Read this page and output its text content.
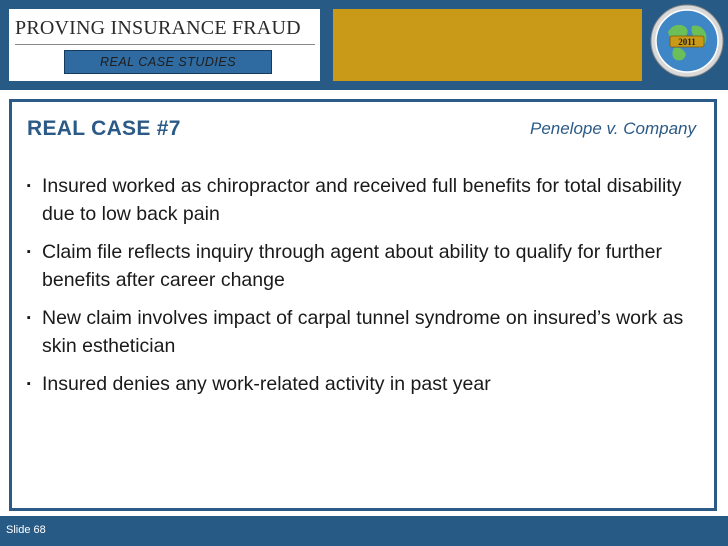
PROVING INSURANCE FRAUD
REAL CASE STUDIES
2011
REAL CASE #7	Penelope v. Company
· Insured worked as chiropractor and received full benefits for total disability due to low back pain
· Claim file reflects inquiry through agent about ability to qualify for further benefits after career change
· New claim involves impact of carpal tunnel syndrome on insured’s work as skin esthetician
· Insured denies any work-related activity in past year
Slide 68
